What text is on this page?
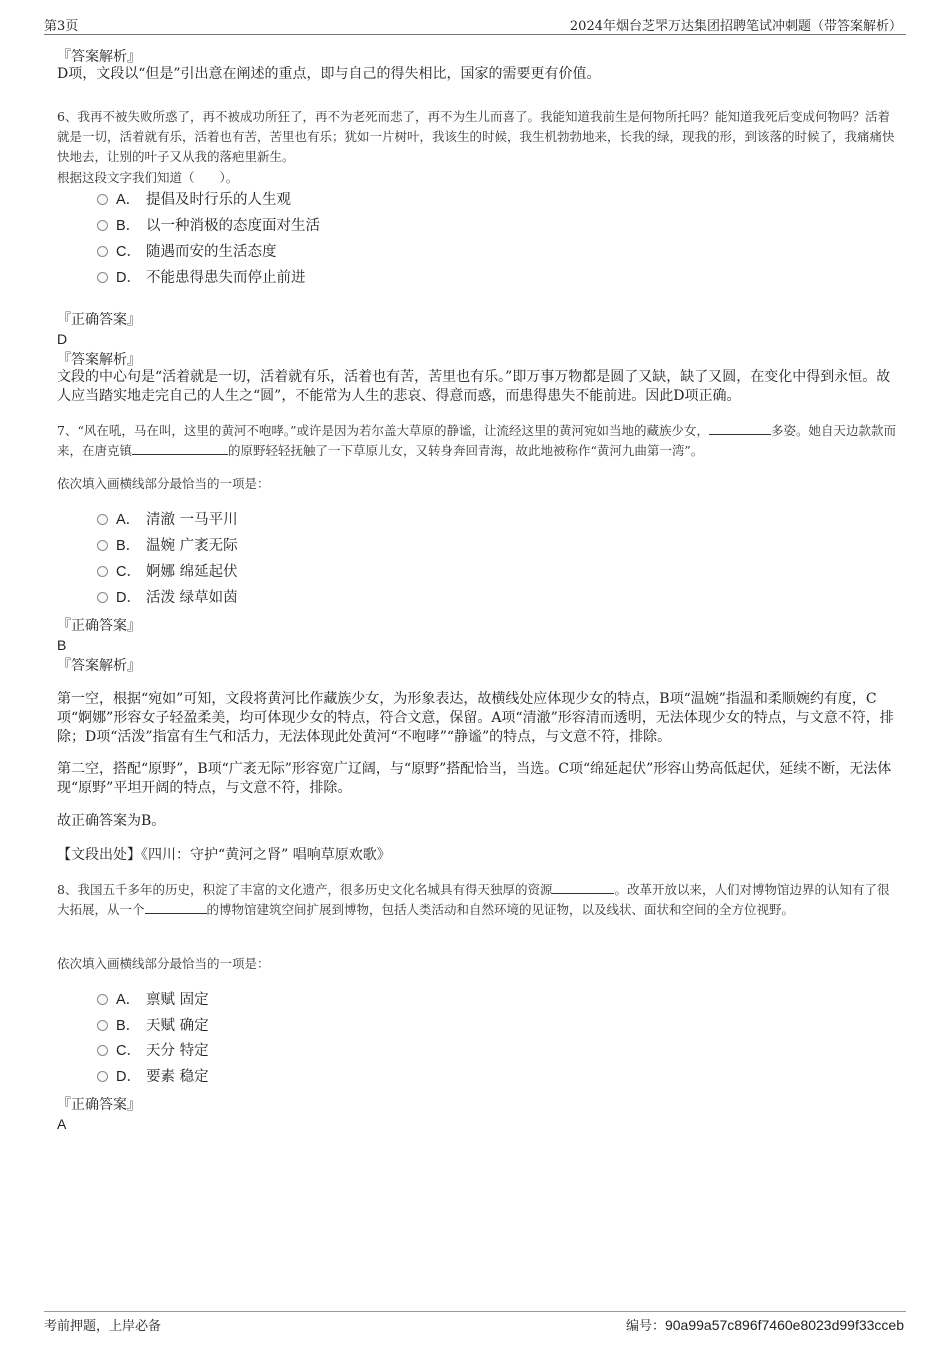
第3页	2024年烟台芝罘万达集团招聘笔试冲刺题（带答案解析）
『答案解析』
D项，文段以“但是”引出意在阐述的重点，即与自己的得失相比，国家的需要更有价值。
6、我再不被失败所惑了，再不被成功所狂了，再不为老死而悲了，再不为生儿而喜了。我能知道我前生是何物所托吗？能知道我死后变成何物吗？活着就是一切，活着就有乐，活着也有苦，苦里也有乐；犹如一片树叶，我该生的时候，我生机勃勃地来，长我的绿，现我的形，到该落的时候了，我痛痛快快地去，让别的叶子又从我的落疤里新生。
根据这段文字我们知道（　　）。
A． 提倡及时行乐的人生观
B． 以一种消极的态度面对生活
C． 随遇而安的生活态度
D． 不能患得患失而停止前进
『正确答案』
D
『答案解析』
文段的中心句是“活着就是一切，活着就有乐，活着也有苦，苦里也有乐。”即万事万物都是圆了又缺，缺了又圆，在变化中得到永恒。故人应当踏实地走完自己的人生之“圆”，不能常为人生的悲哀、得意而惑，而患得患失不能前进。因此D项正确。
7、“风在吼，马在叫，这里的黄河不咆哮。”或许是因为若尔盖大草原的静谧，让流经这里的黄河宛如当地的藏族少女，	多姿。她自天边款款而来，在唐克镇	的原野轻轻抚触了一下草原儿女，又转身奔回青海，故此地被称作“黄河九曲第一湾”。
依次填入画横线部分最恰当的一项是：
A． 清澈 一马平川
B． 温婉 广袤无际
C． 婀娜 绵延起伏
D． 活泼 绿草如茵
『正确答案』
B
『答案解析』
第一空，根据“宛如”可知，文段将黄河比作藏族少女，为形象表达，故横线处应体现少女的特点，B项“温婉”指温和柔顺婉约有度，C项“婀娜”形容女子轻盈柔美，均可体现少女的特点，符合文意，保留。A项“清澈”形容清而透明，无法体现少女的特点，与文意不符，排除；D项“活泼”指富有生气和活力，无法体现此处黄河“不咆哮”“静谧”的特点，与文意不符，排除。
第二空，搭配“原野”，B项“广袤无际”形容宽广辽阔，与“原野”搭配恰当，当选。C项“绵延起伏”形容山势高低起伏，延续不断，无法体现“原野”平坦开阔的特点，与文意不符，排除。
故正确答案为B。
【文段出处】《四川：守护“黄河之肾” 唱响草原欢歌》
8、我国五千多年的历史，积淀了丰富的文化遗产，很多历史文化名城具有得天独厚的资源	。改革开放以来，人们对博物馆边界的认知有了很大拓展，从一个	的博物馆建筑空间扩展到博物，包括人类活动和自然环境的见证物，以及线状、面状和空间的全方位视野。
依次填入画横线部分最恰当的一项是：
A． 禀赋 固定
B． 天赋 确定
C． 天分 特定
D． 要素 稳定
『正确答案』
A
考前押题，上岸必备	编号：90a99a57c896f7460e8023d99f33cceb
